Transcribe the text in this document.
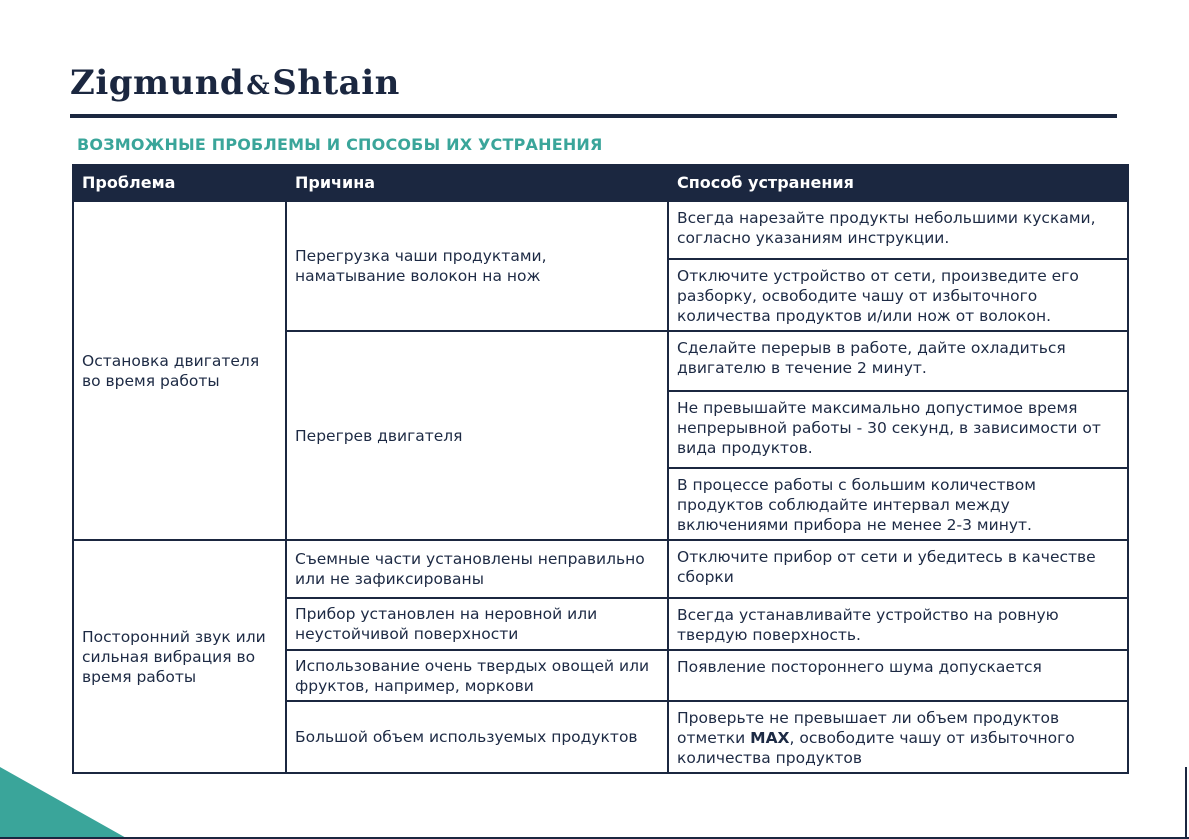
Zigmund&Shtain
ВОЗМОЖНЫЕ ПРОБЛЕМЫ И СПОСОБЫ ИХ УСТРАНЕНИЯ
Проблема	Причина	Способ устранения
Остановка двигателя во время работы	Перегрузка чаши продуктами, наматывание волокон на нож	Всегда нарезайте продукты небольшими кусками, согласно указаниям инструкции.
		Отключите устройство от сети, произведите его разборку, освободите чашу от избыточного количества продуктов и/или нож от волокон.
	Перегрев двигателя	Сделайте перерыв в работе, дайте охладиться двигателю в течение 2 минут.
		Не превышайте максимально допустимое время непрерывной работы - 30 секунд, в зависимости от вида продуктов.
		В процессе работы с большим количеством продуктов соблюдайте интервал между включениями прибора не менее 2-3 минут.
Посторонний звук или сильная вибрация во время работы	Съемные части установлены неправильно или не зафиксированы	Отключите прибор от сети и убедитесь в качестве сборки
	Прибор установлен на неровной или неустойчивой поверхности	Всегда устанавливайте устройство на ровную твердую поверхность.
	Использование очень твердых овощей или фруктов, например, моркови	Появление постороннего шума допускается
	Большой объем используемых продуктов	Проверьте не превышает ли объем продуктов отметки MAX, освободите чашу от избыточного количества продуктов
